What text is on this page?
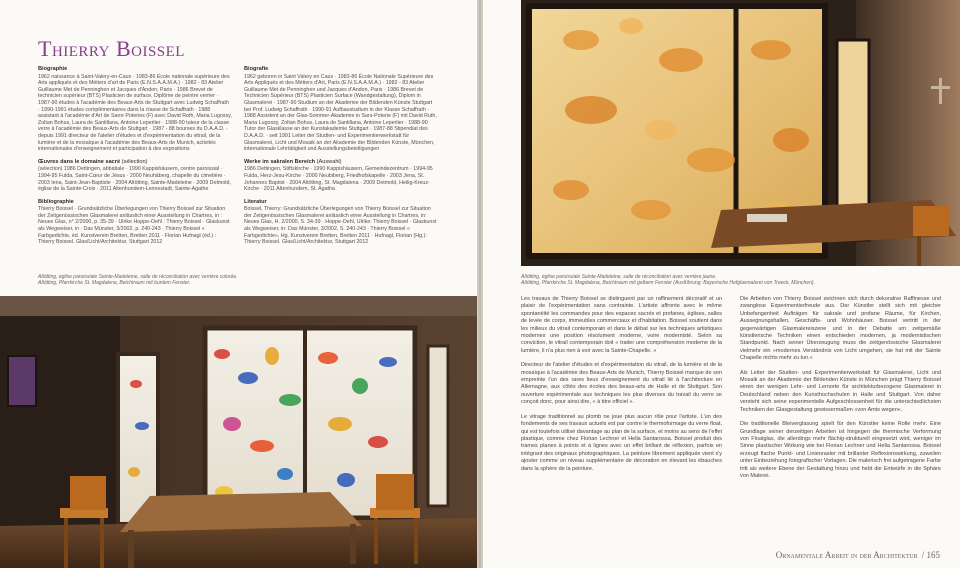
Thierry Boissel
Biographie

1962 naissance à Saint-Valery-en-Caux · 1983-86 École nationale supérieure des Arts appliqués et des Métiers d'art de Paris (E.N.S.A.A.M.A.) · 1982 - 83 Atelier Guillaume Met de Penninghen et Jacques d'Andon, Paris · 1986 Brevet de technicien supérieur (BTS) Plasticien de surface. Diplôme de peintre verrier · 1987-90 études à l'académie des Beaux-Arts de Stuttgart avec Ludwig Schaffrath · 1990-1991 études complémentaires dans la classe de Schaffrath · 1988 assistant à l'académie d'Art de Sarre Poteries (F) avec David Roth, Maria Lugossy, Zoltan Bohus, Laura de Santillana, Antoine Leperlier · 1988-90 tuteur de la classe verre à l'académie des Beaux-Arts de Stuttgart · 1987 - 88 bourses du D.A.A.D. · depuis 1991 directeur de l'atelier d'études et d'expérimentation du vitrail, de la lumière et de la mosaïque à l'académie des Beaux-Arts de Munich, activités internationales d'enseignement et participation à des expositions

Œuvres dans le domaine sacré (sélection)

(sélection) 1986 Dettingen, abbatiale · 1990 Kappishäusern, centre paroissial · 1994-95 Fulda, Saint-Cœur de Jésus · 2000 Neuhäberg, chapelle du cimetière · 2003 Iena, Saint-Jean-Baptiste · 2004 Altötting, Sainte-Madeleine · 2009 Detmold, église de la Sainte-Croix · 2011 Altenhundem-Lennestadt, Sainte-Agathe

Bibliographie

Thierry Boissel · Grundsätzliche Überlegungen von Thierry Boissel zur Situation der Zeitgenössischen Glasmalerei anlässlich einer Ausstellung in Chartres, in : Neues Glas, n° 2/2000, p. 35-39 · Ulrike Hoppe-Oehl : Thierry Boissel · Glaskunst als Wegweiser, in : Das Münster, 3/2002, p. 240-243 · Thierry Boissel « Farbgedichte, éd. Kunstverein Bretten, Bretten 2011 · Florian Hufnagl (éd.) : Thierry Boissel. Glas/Licht/Architektur, Stuttgart 2012

Biografie

1962 geboren in Saint Valery en Caux · 1983-86 École Nationale Supérieure des Arts Appliqués et des Métiers d'Art, Paris (E.N.S.A.A.M.A.) · 1982 - 83 Atelier Guillaume Met de Penninghen und Jacques d'Andon, Paris · 1986 Brevet de Technicien Supérieur (BTS) Plasticien Surface (Wandgestaltung), Diplom in Glasmalerei · 1987-90 Studium an der Akademie der Bildenden Künste Stuttgart bei Prof. Ludwig Schaffrath · 1990-91 Aufbaustudium in der Klasse Schaffrath · 1988 Assistent an der Glas-Sommer-Akademie in Sars-Poterie (F) mit David Ruth, Maria Lugossy, Zoltan Bohus, Laura de Santillana, Antoine Leperlier · 1988-90 Tutor der Glasklasse an der Kunstakademie Stuttgart · 1987-88 Stipendiat des D.A.A.D. · seit 1991 Leiter der Studien- und Experimentierwerkstatt für Glasmalerei, Licht und Mosaik an der Akademie der Bildenden Künste, München, internationale Lehrtätigkeit und Ausstellungsbeteiligungen

Werke im sakralen Bereich (Auswahl)

1986 Dettingen, Stiftskirche · 1990 Kappishäusern, Gemeindezentrum · 1994-95 Fulda, Herz-Jesu-Kirche · 2000 Neubiberg, Friedhofskapelle · 2003 Jena, St. Johannes Baptist · 2004 Altötting, St. Magdalena · 2009 Detmold, Heilig-Kreuz-Kirche · 2011 Altenhundem, St. Agatha

Literatur

Boissel, Thierry: Grundsätzliche Überlegungen von Thierry Boissel zur Situation der Zeitgenössischen Glasmalerei anlässlich einer Ausstellung in Chartres, in: Neues Glas, H. 2/2000, S. 34-39 · Hoppe-Oehl, Ulrike: Thierry Boissel · Glaskunst als Wegweiser, in: Das Münster, 3/2002, S. 240-243 · Thierry Boissel « Farbgedichte», Hg. Kunstverein Bretten, Bretten 2011 · Hufnagl, Florian (Hg.): Thierry Boissel. Glas/Licht/Architektur, Stuttgart 2012

Altötting, église paroissiale Sainte-Madeleine, salle de réconciliation avec verrière colorée.
Altötting, Pfarrkirche St. Magdalena, Beichtraum mit buntem Fenster.
Altötting, église paroissiale Sainte-Madeleine, salle de réconciliation avec verrière jaune.
Altötting, Pfarrkirche St. Magdalena, Beichtraum mit gelbem Fenster (Ausführung: Bayerische Hofglasmalerei von Treeck, München).

Les travaux de Thierry Boissel se distinguent par un raffinement décoratif et un plaisir de l'expérimentation sans contrainte. L'artiste affronte avec le même spontanéité les commandes pour des espaces sacrés et profanes, églises, salles de levée de corps, immeubles commerciaux et d'habitation. Boissel soutient dans les milieux du vitrail contemporain et dans le débat sur les techniques artistiques modernes une position résolument moderne, voire modernisté. Selon sa conviction, le vitrail contemporain doit « traiter une compréhension moderne de la lumière, il n'a plus rien à voir avec la Sainte-Chapelle. »

Directeur de l'atelier d'études et d'expérimentation du vitrail, de la lumière et de la mosaïque à l'académie des Beaux-Arts de Munich, Thierry Boissel marque de son empreinte l'un des rares lieux d'enseignement du vitrail lié à l'architecture en Allemagne, aux côtés des écoles des beaux-arts de Halle et de Stuttgart. Son ouverture expérimentale aux techniques les plus diverses du travail du verre se conçoit donc, pour ainsi dire, « à titre officiel ».

Le vitrage traditionnel au plomb ne joue plus aucun rôle pour l'artiste. L'un des fondements de ses travaux actuels est par contre le thermoformage du verre float, qui est toutefois utilisé davantage au plan de la surface, et moins au sens de l'effet plastique, comme chez Florian Lechner et Hella Santarossa. Boissel produit des trames planes à points et à lignes avec un effet brillant de réflexion, parfois en intégrant des originaux photographiques. La peinture librement appliquée vient s'y ajouter comme un niveau supplémentaire de décoration en élevant les ébauches dans la sphère de la peinture.

Die Arbeiten von Thierry Boissel zeichnen sich durch dekorative Raffinesse und zwanglose Experimentierfreude aus. Der Künstler stellt sich mit gleicher Unbefangenheit Aufträgen für sakrale und profane Räume, für Kirchen, Aussegnungshallen, Geschäfts- und Wohnhäuser. Boissel vertritt in der gegenwärtigen Glasmalereiszene und in der Debatte um zeitgemäße künstlerische Techniken einen entschieden modernen, ja modernistischen Standpunkt. Nach seiner Überzeugung muss die zeitgenössische Glasmalerei vielmehr ein »modernes Verständnis von Licht umgehen, sie hat mit der Sainte Chapelle nichts mehr zu tun.«

Als Leiter der Studien- und Experimentierwerkstatt für Glasmalerei, Licht und Mosaik an der Akademie der Bildenden Künste in München prägt Thierry Boissel einen der wenigen Lehr- und Lernorte für architekturbezogene Glasmalerei in Deutschland neben den Kunsthochschulen in Halle und Stuttgart. Von daher versteht sich seine experimentelle Aufgeschlossenheit für die unterschiedlichsten Techniken der Glasgestaltung gewissermaßen »von Amts wegen«.

Die traditionelle Bleiverglasung spielt für den Künstler keine Rolle mehr. Eine Grundlage seiner derzeitigen Arbeiten ist hingegen die thermische Verformung von Floatglas, die allerdings mehr flächig-strukturell eingesetzt wird, weniger im Sinne plastischer Wirkung wie bei Florian Lechner und Hella Santarossa. Boissel erzeugt flache Punkt- und Linienraster mit brillanter Reflexionswirkung, zuweilen unter Einbeziehung fotografischer Vorlagen. Die malerisch frei aufgetragene Farbe tritt als weitere Ebene der Gestaltung hinzu und hebt die Entwürfe in die Sphäre von Malerei.

Ornamentale Arbeit in der Architektur / 165
